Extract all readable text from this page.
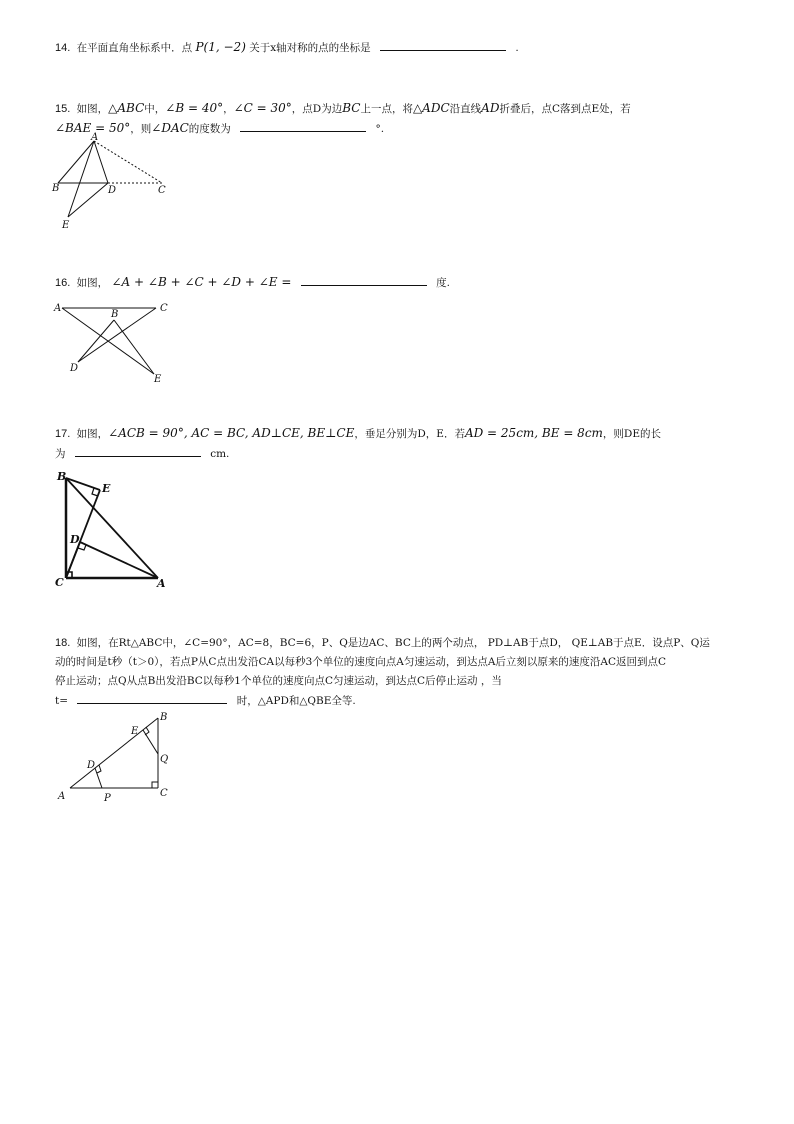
14. 在平面直角坐标系中．点 P(1, −2) 关于x轴对称的点的坐标是	.
15. 如图，△ABC中，∠B = 40°，∠C = 30°，点D为边BC上一点，将△ADC沿直线AD折叠后，点C落到点E处，若
∠BAE = 50°，则∠DAC的度数为	°.
A
B	D	C
E
16. 如图， ∠A + ∠B + ∠C + ∠D + ∠E =	度.
A	C
B
D
E
17. 如图，∠ACB = 90°, AC = BC, AD⊥CE, BE⊥CE，垂足分别为D，E．若AD = 25cm, BE = 8cm，则DE的长
为	cm.
B
E
D
C	A
18. 如图，在Rt△ABC中，∠C=90°，AC=8，BC=6，P、Q是边AC、BC上的两个动点， PD⊥AB于点D， QE⊥AB于点E．设点P、Q运
动的时间是t秒（t＞0），若点P从C点出发沿CA以每秒3个单位的速度向点A匀速运动，到达点A后立刻以原来的速度沿AC返回到点C
停止运动；点Q从点B出发沿BC以每秒1个单位的速度向点C匀速运动，到达点C后停止运动 ，当
t=	时，△APD和△QBE全等.
B
E
Q
D
A	P	C
